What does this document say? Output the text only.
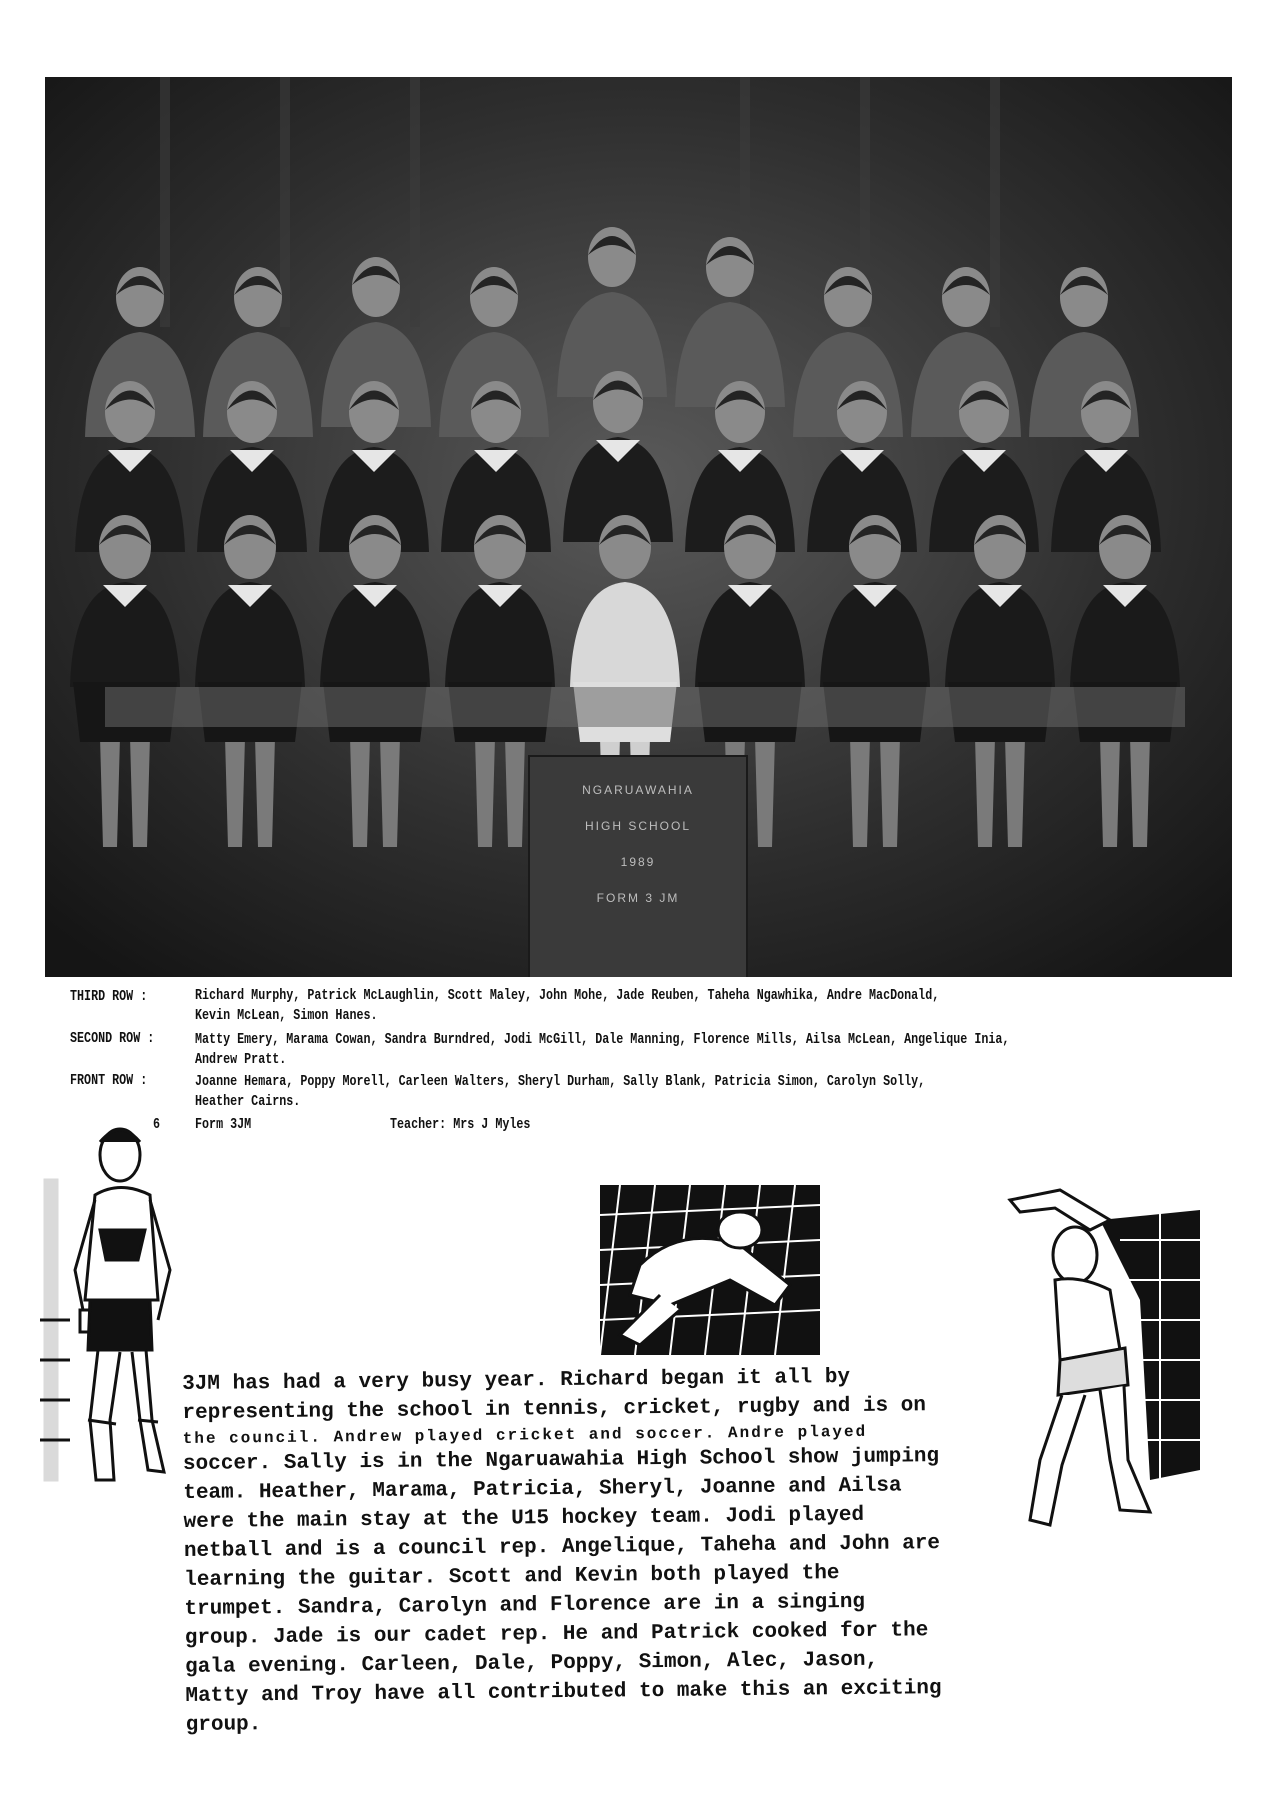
NGARUAWAHIA
HIGH SCHOOL
1989
FORM 3 JM
THIRD ROW :	Richard Murphy, Patrick McLaughlin, Scott Maley, John Mohe, Jade Reuben, Taheha Ngawhika, Andre MacDonald,
Kevin McLean, Simon Hanes.
SECOND ROW :	Matty Emery, Marama Cowan, Sandra Burndred, Jodi McGill, Dale Manning, Florence Mills, Ailsa McLean, Angelique Inia,
Andrew Pratt.
FRONT ROW :	Joanne Hemara, Poppy Morell, Carleen Walters, Sheryl Durham, Sally Blank, Patricia Simon, Carolyn Solly,
Heather Cairns.
6 Form 3JM	Teacher: Mrs J Myles
3JM has had a very busy year. Richard began it all by
representing the school in tennis, cricket, rugby and is on
the council. Andrew played cricket and soccer. Andre played
soccer. Sally is in the Ngaruawahia High School show jumping
team. Heather, Marama, Patricia, Sheryl, Joanne and Ailsa
were the main stay at the U15 hockey team. Jodi played
netball and is a council rep. Angelique, Taheha and John are
learning the guitar. Scott and Kevin both played the
trumpet. Sandra, Carolyn and Florence are in a singing
group. Jade is our cadet rep. He and Patrick cooked for the
gala evening. Carleen, Dale, Poppy, Simon, Alec, Jason,
Matty and Troy have all contributed to make this an exciting
group.
